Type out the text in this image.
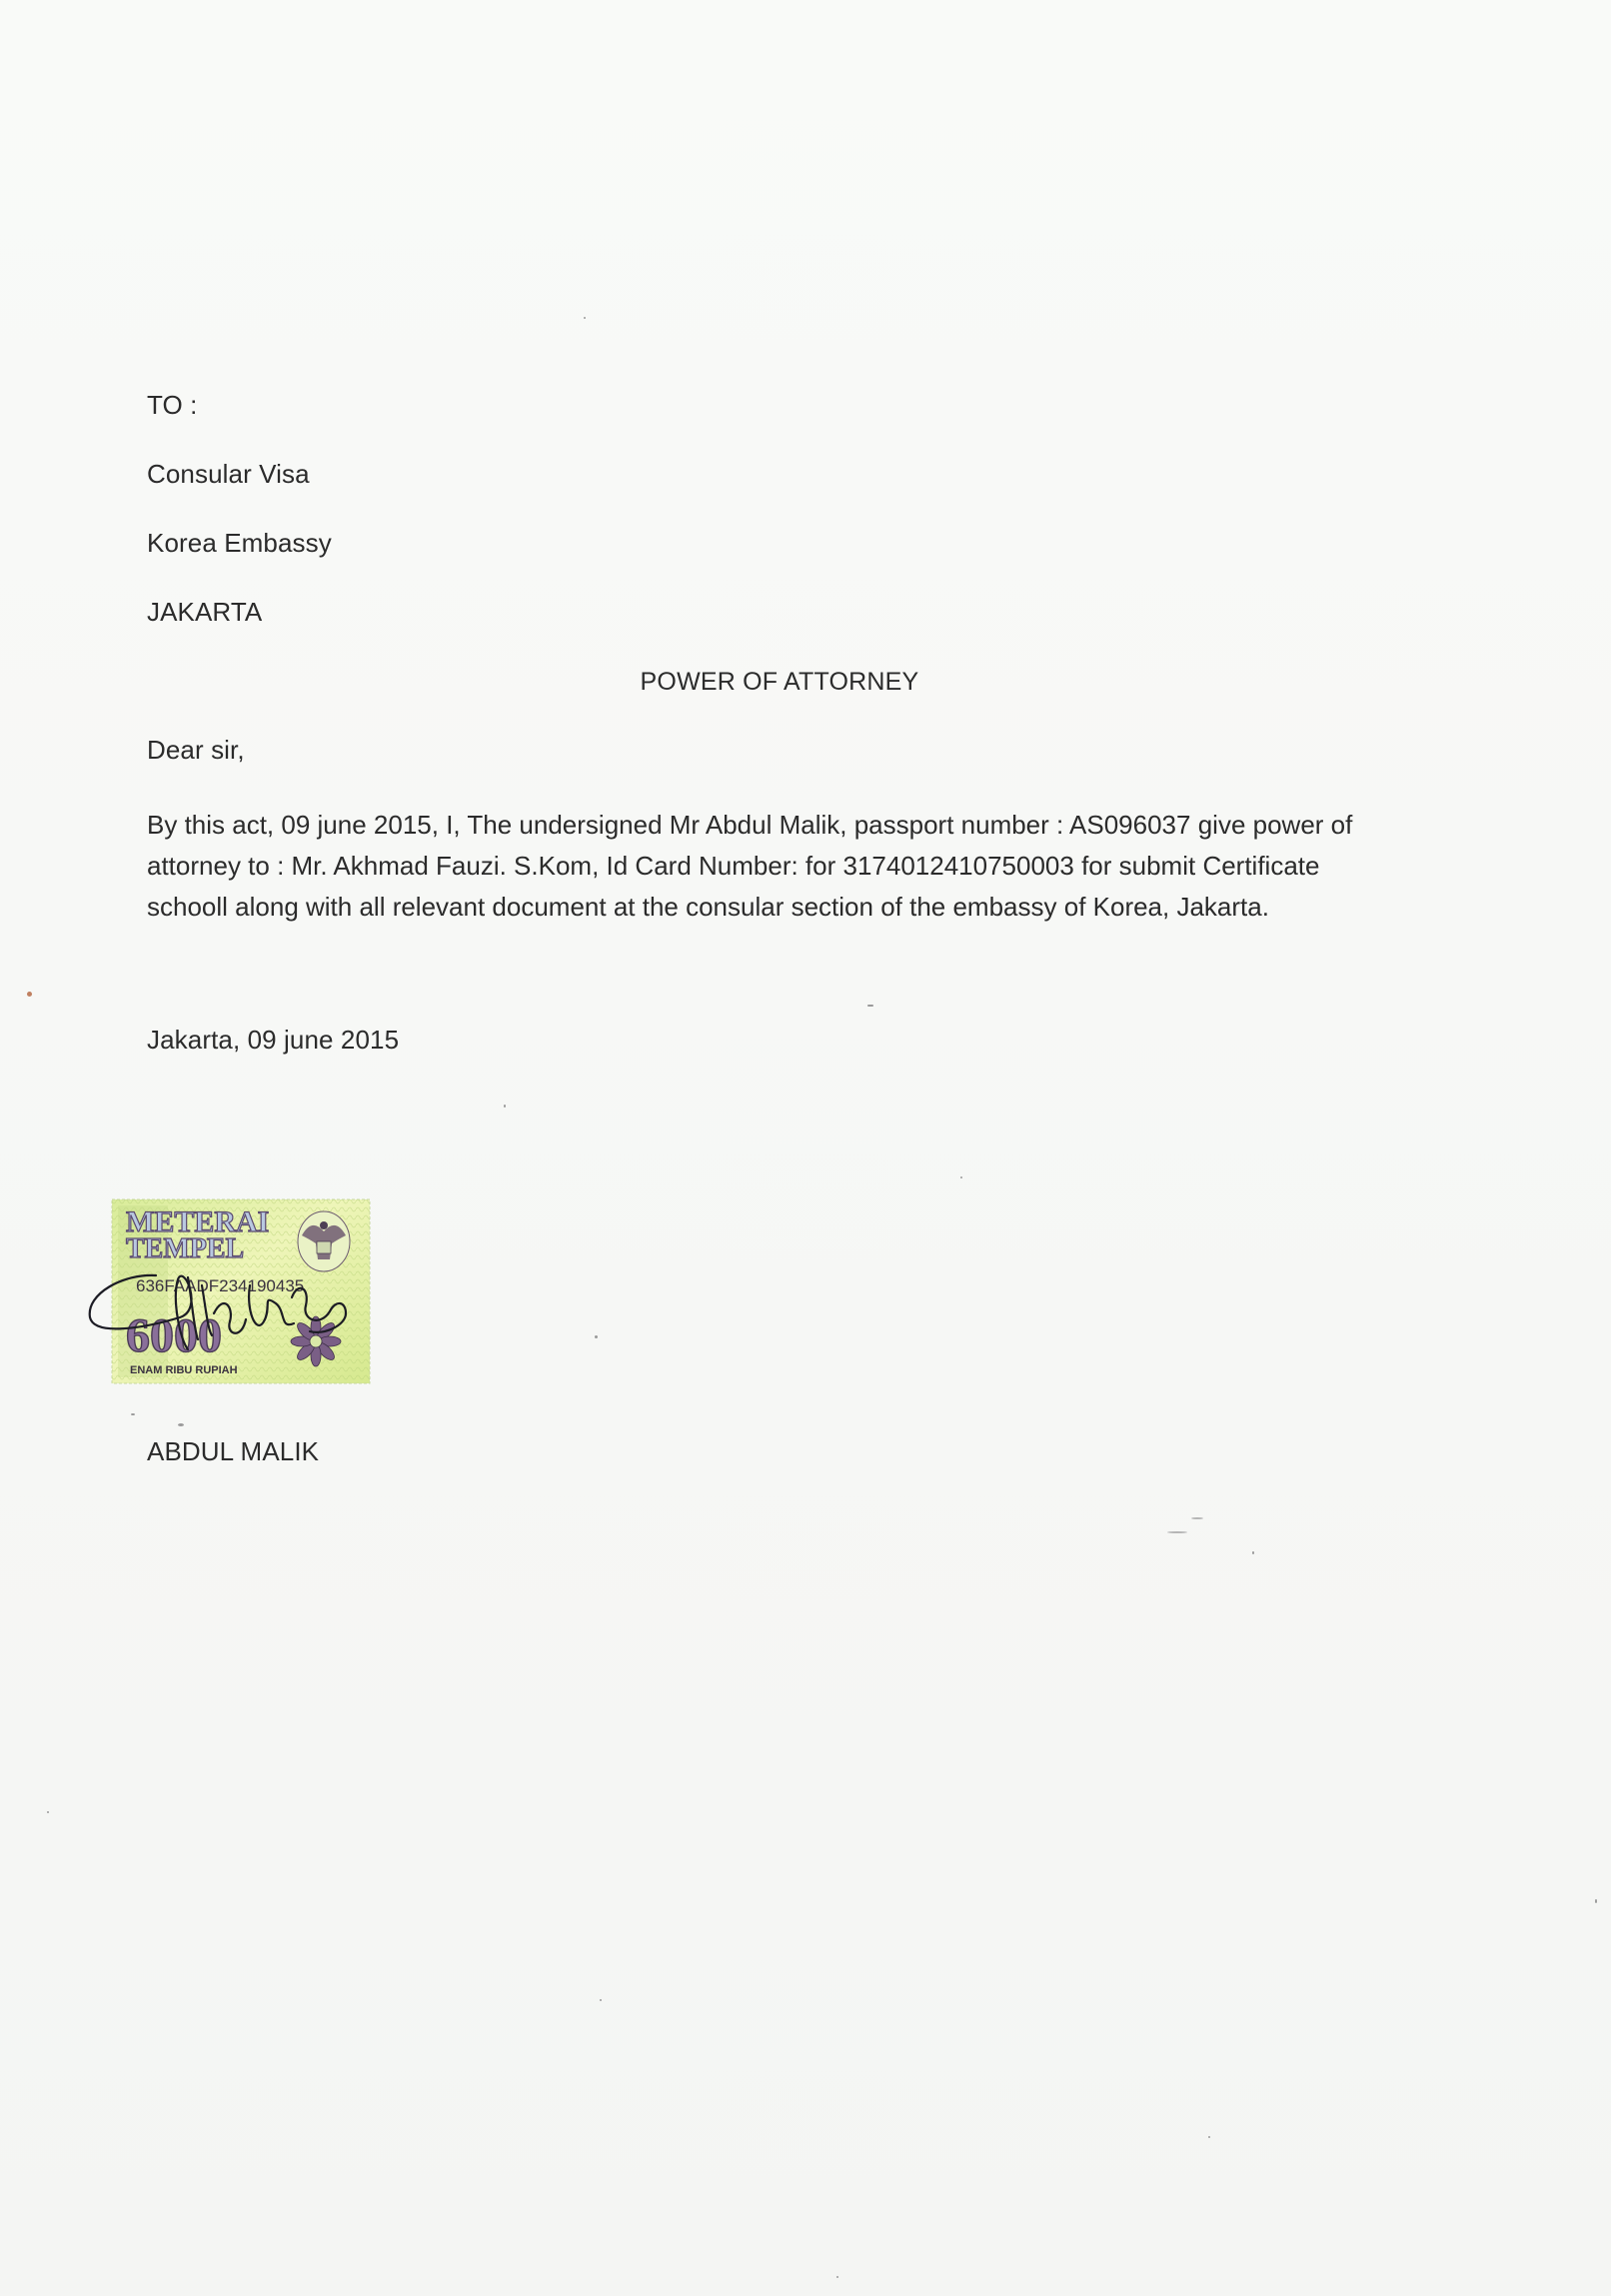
TO :
Consular Visa
Korea Embassy
JAKARTA
POWER OF ATTORNEY
Dear sir,
By this act, 09 june 2015, I, The undersigned Mr Abdul Malik, passport number : AS096037 give power of
attorney to : Mr. Akhmad Fauzi. S.Kom, Id Card Number: for 3174012410750003 for submit Certificate
schooll along with all relevant document at the consular section of the embassy of Korea, Jakarta.
Jakarta, 09 june 2015
METERAI
TEMPEL
636FAADF234190435
6000
ENAM RIBU RUPIAH
ABDUL MALIK
